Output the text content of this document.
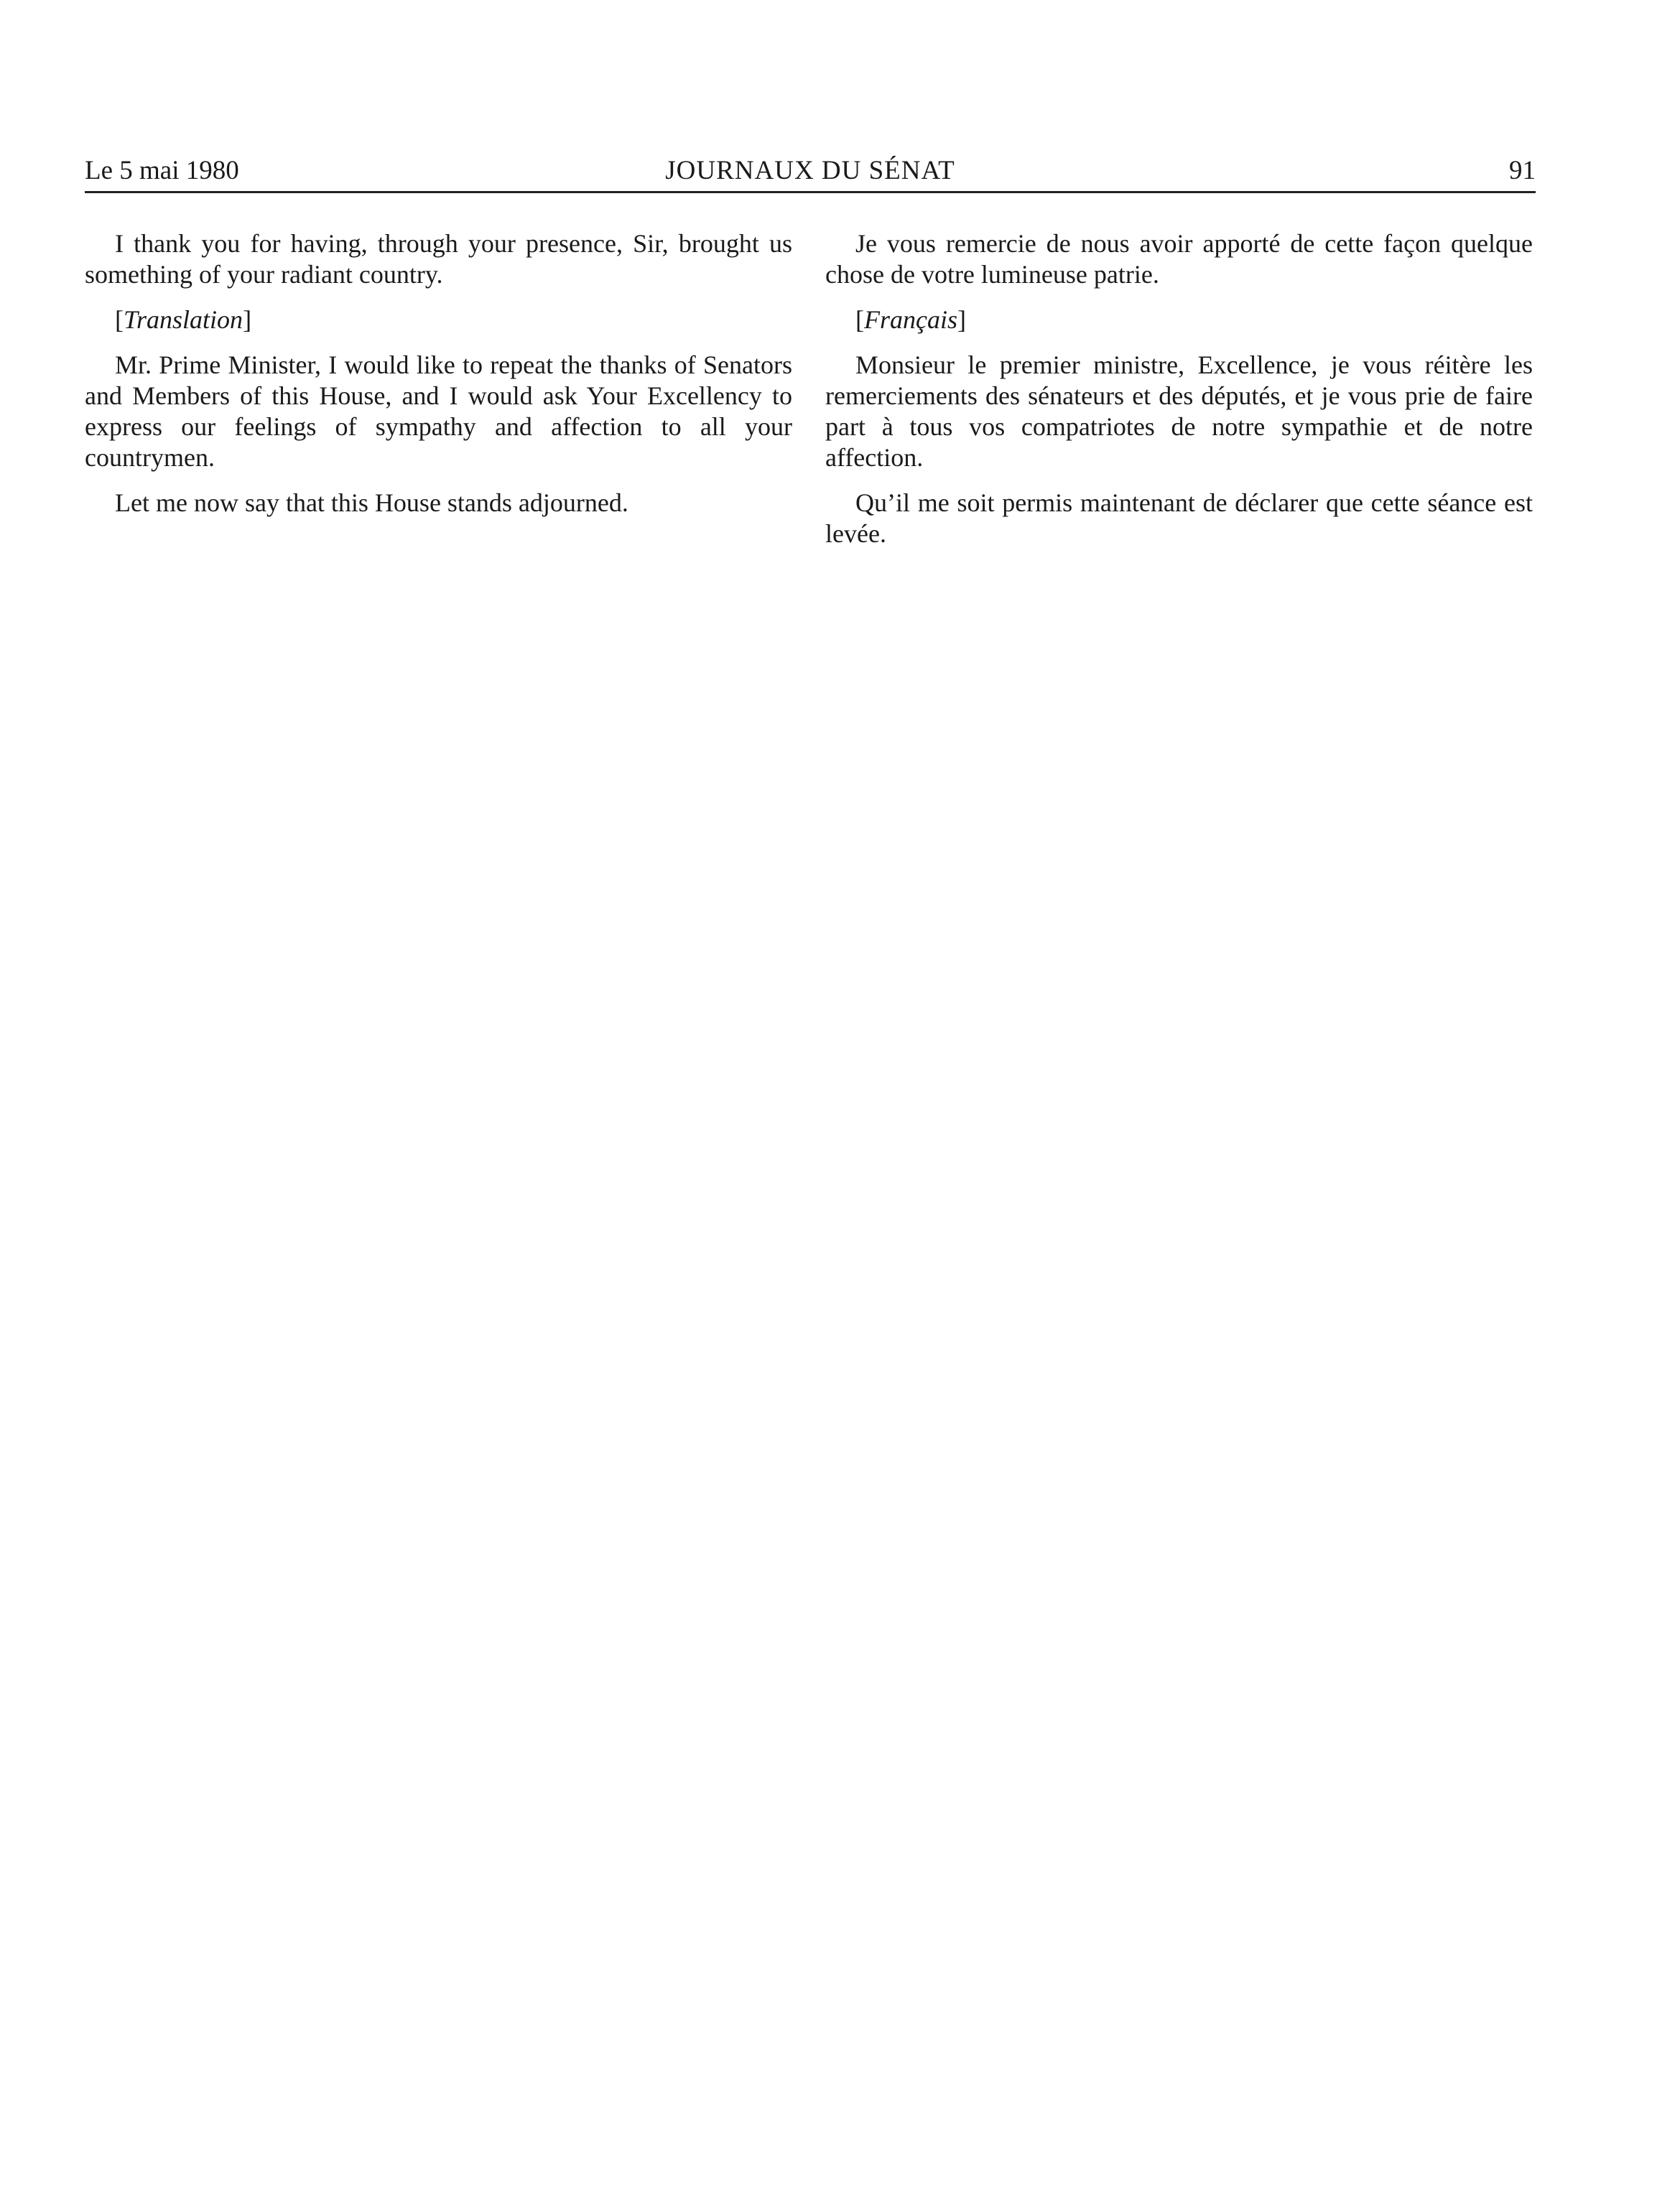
Le 5 mai 1980	JOURNAUX DU SÉNAT	91

I thank you for having, through your presence, Sir, brought us something of your radiant country.

[Translation]

Mr. Prime Minister, I would like to repeat the thanks of Senators and Members of this House, and I would ask Your Excellency to express our feelings of sympathy and affection to all your countrymen.

Let me now say that this House stands adjourned.

Je vous remercie de nous avoir apporté de cette façon quelque chose de votre lumineuse patrie.

[Français]

Monsieur le premier ministre, Excellence, je vous réitère les remerciements des sénateurs et des députés, et je vous prie de faire part à tous vos compatriotes de notre sympathie et de notre affection.

Qu’il me soit permis maintenant de déclarer que cette séance est levée.
